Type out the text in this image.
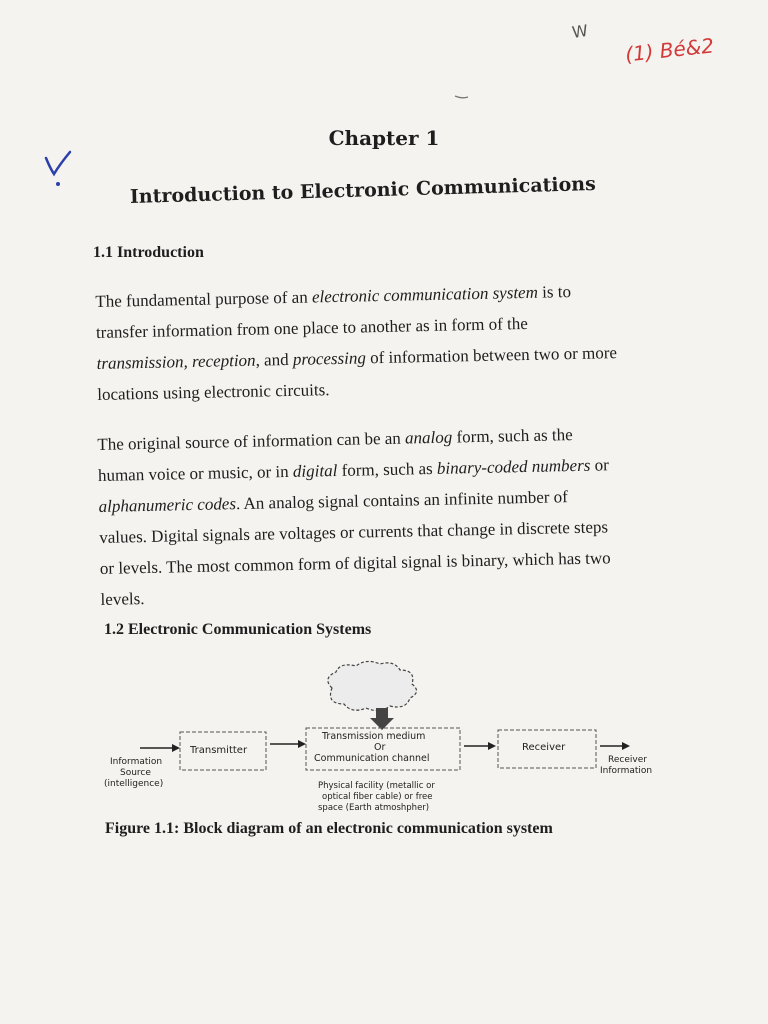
W
(1) Bé&2
Chapter 1
Introduction to Electronic Communications
1.1 Introduction
The fundamental purpose of an electronic communication system is to
transfer information from one place to another as in form of the
transmission, reception, and processing of information between two or more
locations using electronic circuits.
The original source of information can be an analog form, such as the
human voice or music, or in digital form, such as binary-coded numbers or
alphanumeric codes. An analog signal contains an infinite number of
values. Digital signals are voltages or currents that change in discrete steps
or levels. The most common form of digital signal is binary, which has two
levels.
1.2 Electronic Communication Systems
Information
Source
(intelligence)
Transmitter
Transmission medium
Or
Communication channel
Physical facility (metallic or
optical fiber cable) or free
space (Earth atmoshpher)
Receiver
Receiver
Information
Figure 1.1: Block diagram of an electronic communication system
